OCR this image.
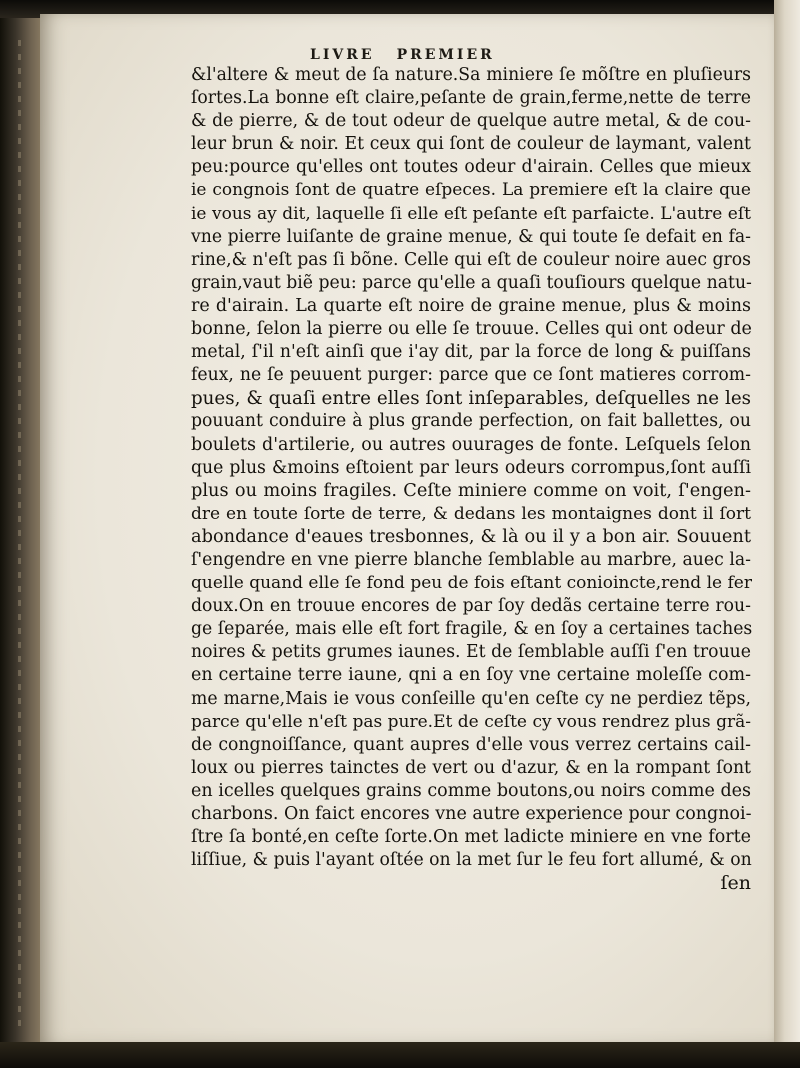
LIVRE PREMIER
&l'altere & meut de ſa nature.Sa miniere ſe mõſtre en pluſieurs
ſortes.La bonne eſt claire,peſante de grain,ferme,nette de terre
& de pierre, & de tout odeur de quelque autre metal, & de cou-
leur brun & noir. Et ceux qui ſont de couleur de laymant, valent
peu:pource qu'elles ont toutes odeur d'airain. Celles que mieux
ie congnois ſont de quatre eſpeces. La premiere eſt la claire que
ie vous ay dit, laquelle ſi elle eſt peſante eſt parfaicte. L'autre eſt
vne pierre luiſante de graine menue, & qui toute ſe defait en fa-
rine,& n'eſt pas ſi bõne. Celle qui eſt de couleur noire auec gros
grain,vaut biẽ peu: parce qu'elle a quaſi touſiours quelque natu-
re d'airain. La quarte eſt noire de graine menue, plus & moins
bonne, ſelon la pierre ou elle ſe trouue. Celles qui ont odeur de
metal, ſ'il n'eſt ainſi que i'ay dit, par la force de long & puiſſans
feux, ne ſe peuuent purger: parce que ce ſont matieres corrom-
pues, & quaſi entre elles ſont inſeparables, deſquelles ne les
pouuant conduire à plus grande perfection, on fait ballettes, ou
boulets d'artilerie, ou autres ouurages de fonte. Leſquels ſelon
que plus &moins eſtoient par leurs odeurs corrompus,ſont auſſi
plus ou moins fragiles. Ceſte miniere comme on voit, ſ'engen-
dre en toute ſorte de terre, & dedans les montaignes dont il ſort
abondance d'eaues tresbonnes, & là ou il y a bon air. Souuent
ſ'engendre en vne pierre blanche ſemblable au marbre, auec la-
quelle quand elle ſe fond peu de fois eſtant conioincte,rend le fer
doux.On en trouue encores de par ſoy dedãs certaine terre rou-
ge ſeparée, mais elle eſt fort fragile, & en ſoy a certaines taches
noires & petits grumes iaunes. Et de ſemblable auſſi ſ'en trouue
en certaine terre iaune, qni a en ſoy vne certaine moleſſe com-
me marne,Mais ie vous conſeille qu'en ceſte cy ne perdiez tẽps,
parce qu'elle n'eſt pas pure.Et de ceſte cy vous rendrez plus grã-
de congnoiſſance, quant aupres d'elle vous verrez certains cail-
loux ou pierres tainctes de vert ou d'azur, & en la rompant ſont
en icelles quelques grains comme boutons,ou noirs comme des
charbons. On faict encores vne autre experience pour congnoi-
ſtre ſa bonté,en ceſte ſorte.On met ladicte miniere en vne forte
liſſiue, & puis l'ayant oſtée on la met ſur le feu fort allumé, & on
ſen
